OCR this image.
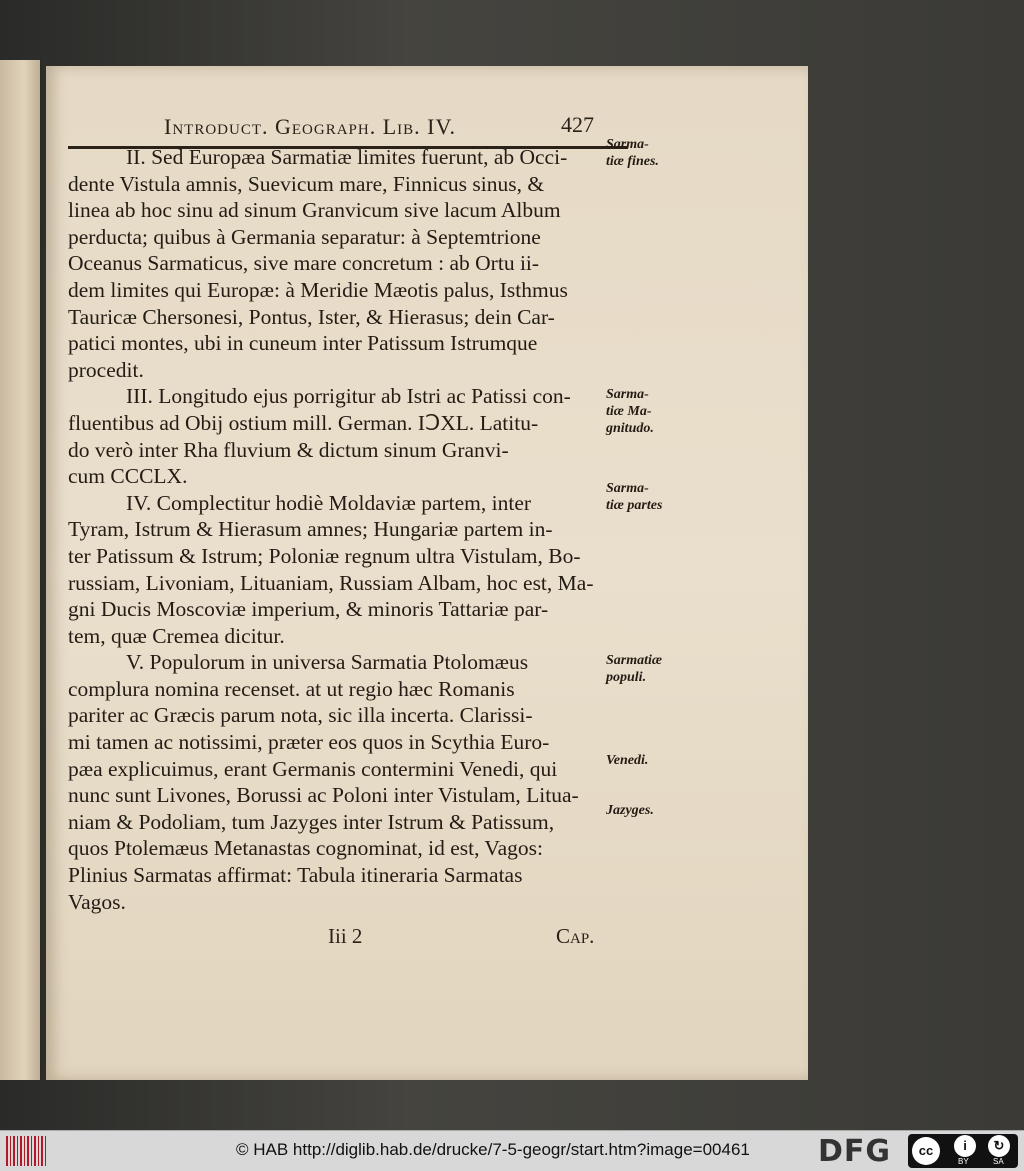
Introduct. Geograph. Lib. IV.	427
II. Sed Europæa Sarmatiæ limites fuerunt, ab Occi-
dente Vistula amnis, Suevicum mare, Finnicus sinus, &
linea ab hoc sinu ad sinum Granvicum sive lacum Album
perducta; quibus à Germania separatur: à Septemtrione
Oceanus Sarmaticus, sive mare concretum : ab Ortu ii-
dem limites qui Europæ: à Meridie Mæotis palus, Isthmus
Tauricæ Chersonesi, Pontus, Ister, & Hierasus; dein Car-
patici montes, ubi in cuneum inter Patissum Istrumque
procedit.
III. Longitudo ejus porrigitur ab Istri ac Patissi con-
fluentibus ad Obij ostium mill. German. IↃXL. Latitu-
do verò inter Rha fluvium & dictum sinum Granvi-
cum CCCLX.
IV. Complectitur hodiè Moldaviæ partem, inter
Tyram, Istrum & Hierasum amnes; Hungariæ partem in-
ter Patissum & Istrum; Poloniæ regnum ultra Vistulam, Bo-
russiam, Livoniam, Lituaniam, Russiam Albam, hoc est, Ma-
gni Ducis Moscoviæ imperium, & minoris Tattariæ par-
tem, quæ Cremea dicitur.
V. Populorum in universa Sarmatia Ptolomæus
complura nomina recenset. at ut regio hæc Romanis
pariter ac Græcis parum nota, sic illa incerta. Clarissi-
mi tamen ac notissimi, præter eos quos in Scythia Euro-
pæa explicuimus, erant Germanis contermini Venedi, qui
nunc sunt Livones, Borussi ac Poloni inter Vistulam, Litua-
niam & Podoliam, tum Jazyges inter Istrum & Patissum,
quos Ptolemæus Metanastas cognominat, id est, Vagos:
Plinius Sarmatas affirmat: Tabula itineraria Sarmatas
Vagos.
Sarma-
tiæ fines.
Sarma-
tiæ Ma-
gnitudo.
Sarma-
tiæ partes
Sarmatiæ
populi.
Venedi.
Jazyges.
Iii 2	Cap.
© HAB http://diglib.hab.de/drucke/7-5-geogr/start.htm?image=00461 DFG	cc	i	↻
BY	SA
